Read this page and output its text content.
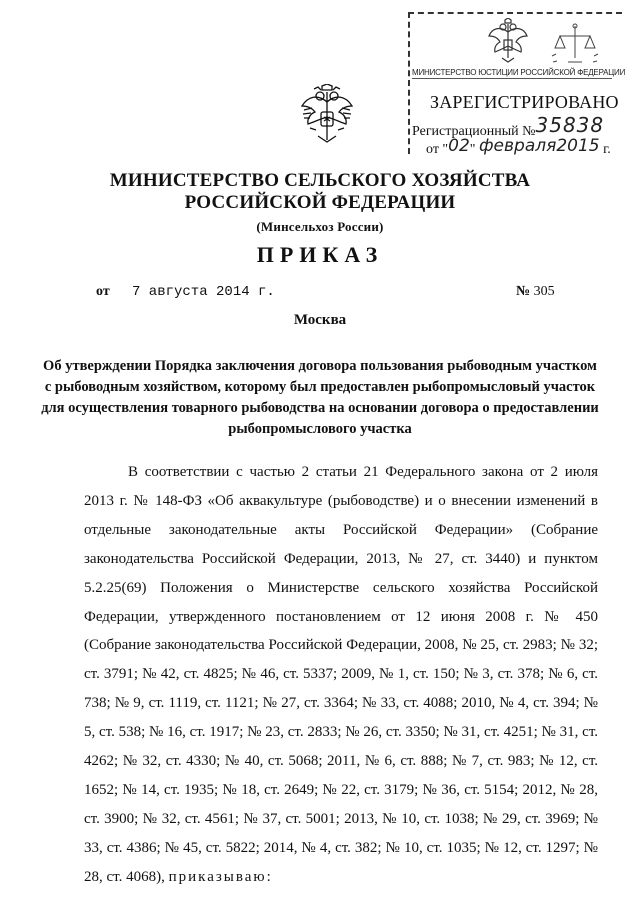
МИНИСТЕРСТВО ЮСТИЦИИ РОССИЙСКОЙ ФЕДЕРАЦИИ
ЗАРЕГИСТРИРОВАНО
Регистрационный №35838
от "02" февраля2015 г.
МИНИСТЕРСТВО СЕЛЬСКОГО ХОЗЯЙСТВА
РОССИЙСКОЙ ФЕДЕРАЦИИ
(Минсельхоз России)
ПРИКАЗ
от 7 августа 2014 г.	№ 305
Москва
Об утверждении Порядка заключения договора пользования рыбоводным участком с рыбоводным хозяйством, которому был предоставлен рыбопромысловый участок для осуществления товарного рыбоводства на основании договора о предоставлении рыбопромыслового участка
В соответствии с частью 2 статьи 21 Федерального закона от 2 июля 2013 г. № 148-ФЗ «Об аквакультуре (рыбоводстве) и о внесении изменений в отдельные законодательные акты Российской Федерации» (Собрание законодательства Российской Федерации, 2013, № 27, ст. 3440) и пунктом 5.2.25(69) Положения о Министерстве сельского хозяйства Российской Федерации, утвержденного постановлением от 12 июня 2008 г. № 450 (Собрание законодательства Российской Федерации, 2008, № 25, ст. 2983; № 32; ст. 3791; № 42, ст. 4825; № 46, ст. 5337; 2009, № 1, ст. 150; № 3, ст. 378; № 6, ст. 738; № 9, ст. 1119, ст. 1121; № 27, ст. 3364; № 33, ст. 4088; 2010, № 4, ст. 394; № 5, ст. 538; № 16, ст. 1917; № 23, ст. 2833; № 26, ст. 3350; № 31, ст. 4251; № 31, ст. 4262; № 32, ст. 4330; № 40, ст. 5068; 2011, № 6, ст. 888; № 7, ст. 983; № 12, ст. 1652; № 14, ст. 1935; № 18, ст. 2649; № 22, ст. 3179; № 36, ст. 5154; 2012, № 28, ст. 3900; № 32, ст. 4561; № 37, ст. 5001; 2013, № 10, ст. 1038; № 29, ст. 3969; № 33, ст. 4386; № 45, ст. 5822; 2014, № 4, ст. 382; № 10, ст. 1035; № 12, ст. 1297; № 28, ст. 4068), приказываю:
